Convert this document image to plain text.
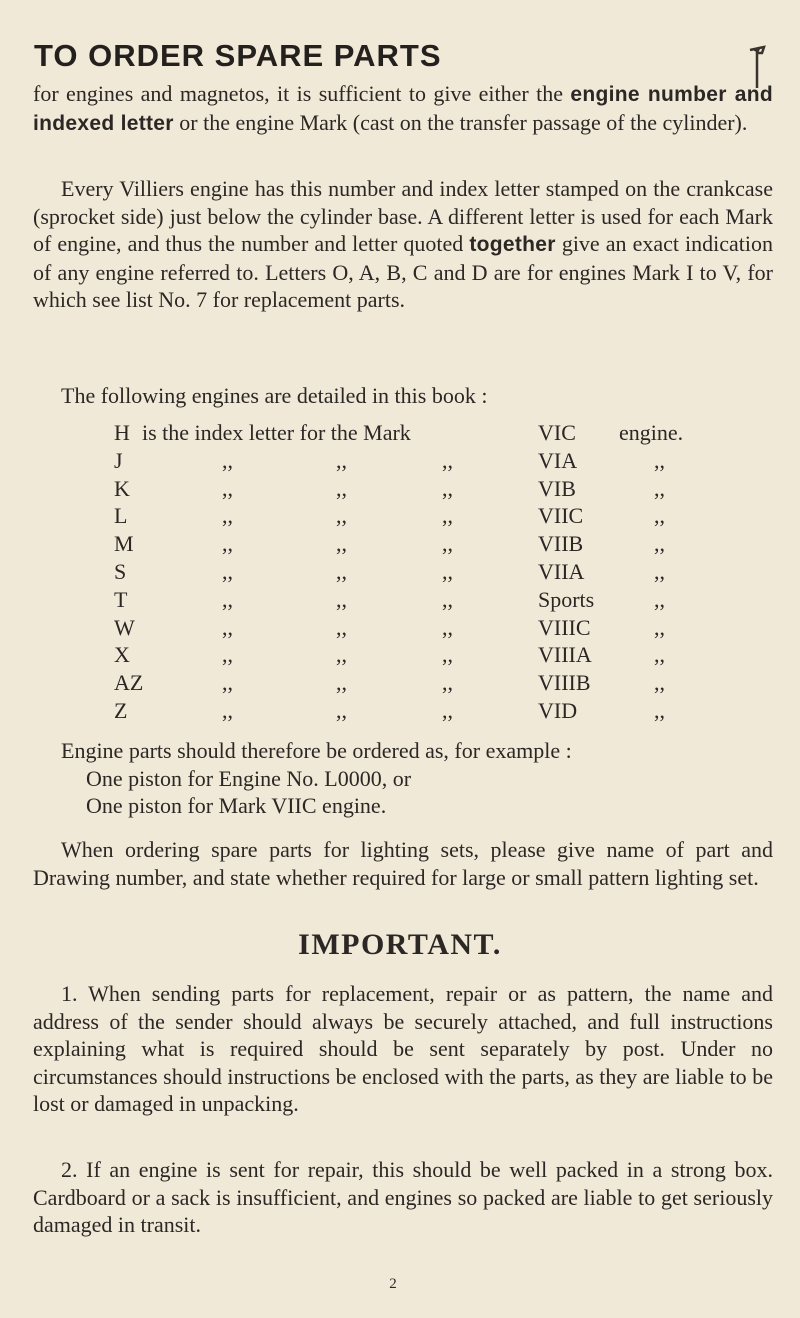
TO ORDER SPARE PARTS

for engines and magnetos, it is sufficient to give either the engine number and indexed letter or the engine Mark (cast on the transfer passage of the cylinder).

Every Villiers engine has this number and index letter stamped on the crankcase (sprocket side) just below the cylinder base. A different letter is used for each Mark of engine, and thus the number and letter quoted together give an exact indication of any engine referred to. Letters O, A, B, C and D are for engines Mark I to V, for which see list No. 7 for replacement parts.

The following engines are detailed in this book :

H is the index letter for the Mark	VIC engine.
J	,,	,,	,,	VIA	,,
K	,,	,,	,,	VIB	,,
L	,,	,,	,,	VIIC	,,
M	,,	,,	,,	VIIB	,,
S	,,	,,	,,	VIIA	,,
T	,,	,,	,,	Sports	,,
W	,,	,,	,,	VIIIC	,,
X	,,	,,	,,	VIIIA	,,
AZ	,,	,,	,,	VIIIB	,,
Z	,,	,,	,,	VID	,,

Engine parts should therefore be ordered as, for example :

One piston for Engine No. L0000, or

One piston for Mark VIIC engine.

When ordering spare parts for lighting sets, please give name of part and Drawing number, and state whether required for large or small pattern lighting set.

IMPORTANT.

1. When sending parts for replacement, repair or as pattern, the name and address of the sender should always be securely attached, and full instructions explaining what is required should be sent separately by post. Under no circumstances should instructions be enclosed with the parts, as they are liable to be lost or damaged in unpacking.

2. If an engine is sent for repair, this should be well packed in a strong box. Cardboard or a sack is insufficient, and engines so packed are liable to get seriously damaged in transit.

2
